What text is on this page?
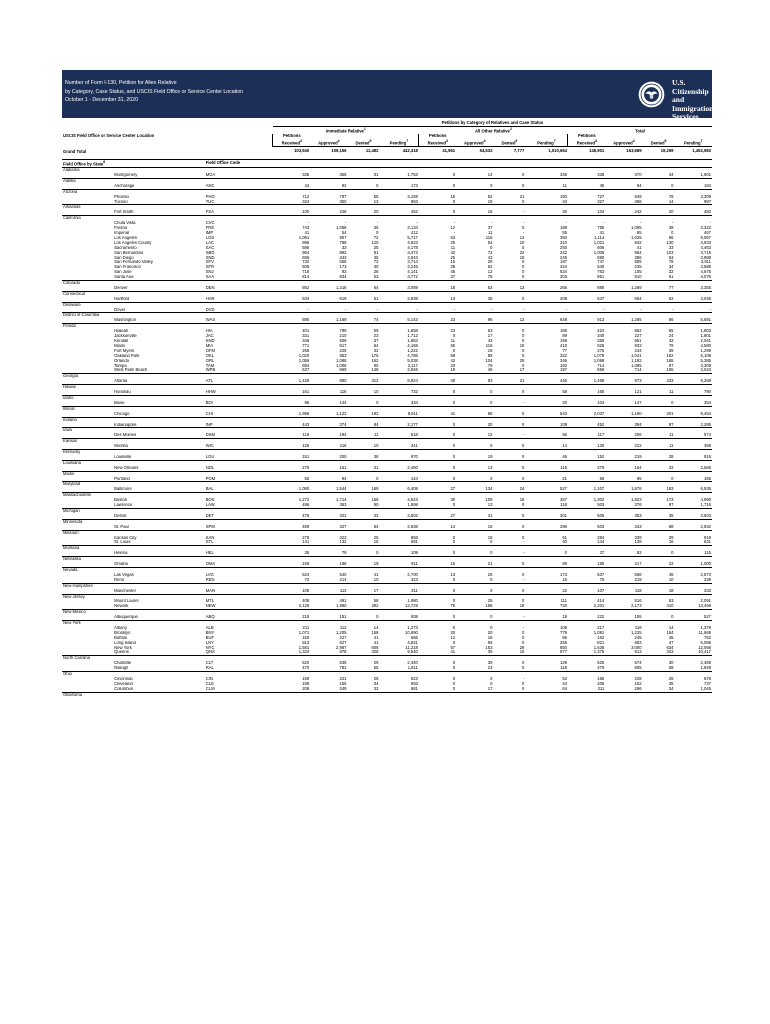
Number of Form I-130, Petition for Alien Relative
by Category, Case Status, and USCIS Field Office or Service Center Location
October 1 - December 31, 2020
U.S. Citizenship
and Immigration
Services
			Petitions by Category of Relatives and Case Status											
USCIS Field Office or Service Center Location			Immediate Relative$^1$				All Other Relative$^2$				Total			
			Petitions				Petitions				Petitions			
			Received$^3$	Approved$^4$	Denied$^5$	Pending$^7$	Received$^3$	Approved$^4$	Denied$^5$	Pending$^7$	Received$^3$	Approved$^4$	Denied$^5$	Pending$^7$
Grand Total			103,940	109,156	11,482	442,318	41,961	54,533	7,777	1,010,664	145,901	163,689	19,259	1,452,983

Field Office by State$^6$		Field Office Code												
Alabama														
	Montgomery	MGA	335	356	31	1,753	0	14	0	348	338	370	34	1,901
Alaska														
	Anchorage	ANC	44	92	0	173	0	0	0	11	45	94	0	184
Arizona														
	Phoenix	PHO	712	797	55	3,159	15	52	21	150	727	849	76	3,309
	Tucson	TUC	324	350	13	963	0	18	0	34	327	368	14	997
Arkansas														
	Fort Smith	FSA	100	226	20	452	0	16	-	30	104	242	20	482
California														
	Chula Vista	CVC	-	-	-	-	-	-	-	-	-	-	-	-
	Fresno	FRE	743	1,058	35	3,134	12	37	0	188	755	1,095	39	3,322
	Imperial	IMP	41	54	0	412	-	11	-	55	41	65	0	467
	Los Angeles	LOS	1,061	907	72	5,717	53	118	14	350	1,114	1,025	86	6,067
	Los Angeles County	LAC	996	788	120	4,623	25	54	10	310	1,021	842	130	4,933
	Sacramento	SAC	595	33	25	4,178	11	0	0	293	606	41	33	4,463
	San Bernardino	SBD	964	892	81	3,473	42	72	22	242	1,006	964	103	3,715
	San Diego	SND	655	343	35	3,643	25	43	18	245	680	386	53	3,888
	San Fernando Valley	SFV	732	556	73	3,714	15	29	0	197	747	585	78	3,911
	San Francisco	SFR	505	173	30	3,245	35	62	0	344	540	235	34	3,589
	San Jose	SNJ	718	93	26	4,141	45	12	0	534	763	105	32	4,675
	Santa Ana	SAA	814	834	53	3,772	37	76	0	303	851	910	61	4,075
Colorado														
	Denver	DEN	862	1,216	64	3,089	18	53	13	266	880	1,269	77	3,355
Connecticut														
	Hartford	HAR	534	619	51	2,838	13	35	0	208	547	654	52	3,046
Delaware														
	Dover	DVD	-	-	-	-	-	-	-	-	-	-	-	-
District of Columbia														
	Washington	WAS	890	1,169	74	5,143	23	96	12	548	913	1,265	86	5,691
Florida														
	Hialeah	HIA	401	799	59	1,658	23	63	0	165	424	862	65	1,803
	Jacksonville	JAC	331	210	23	1,712	0	17	0	89	340	227	24	1,801
	Kendall	KND	348	608	37	1,883	11	43	0	158	359	651	43	2,041
	Miami	MIA	771	817	64	4,168	55	116	15	410	826	933	79	4,580
	Fort Myers	OFM	266	225	32	1,222	0	19	0	77	275	244	39	1,299
	Oakland Park	OKL	1,020	953	175	4,786	59	88	0	322	1,079	1,041	182	5,108
	Orlando	ORL	1,056	1,088	162	5,038	42	104	25	346	1,098	1,192	185	5,385
	Tampa	TAM	694	1,006	90	3,117	20	79	0	192	714	1,085	97	3,309
	West Palm Beach	WPB	637	669	148	2,846	19	45	17	197	656	714	165	3,043
Georgia														
	Atlanta	ATL	1,428	890	312	8,824	40	83	21	445	1,468	973	333	9,269
Hawaii														
	Honolulu	HHW	161	116	10	732	0	0	0	58	165	121	11	790
Idaho														
	Boise	BOI	96	144	0	334	0	0	-	20	104	147	0	354
Illinois														
	Chicago	CHI	1,996	1,122	192	8,911	41	68	0	543	2,037	1,190	201	9,454
Indiana														
	Indianapolis	INP	443	374	84	2,177	0	20	0	108	452	394	87	2,285
Iowa														
	Des Moines	DSM	116	194	11	518	0	12	-	56	117	206	11	574
Kansas														
	Wichita	WIC	128	216	10	341	0	0	0	14	130	222	11	355
Kentucky														
	Louisville	LOU	151	200	38	870	0	19	0	46	152	219	39	916
Louisiana														
	New Orleans	NOL	276	151	31	2,450	0	13	0	116	279	164	32	2,566
Maine														
	Portland	POM	55	94	0	144	0	0	0	21	56	95	0	165
Maryland														
	Baltimore	BAL	1,080	1,544	169	6,408	27	134	24	527	1,107	1,678	193	6,935
Massachusetts														
	Boston	BOS	1,272	1,714	158	4,623	30	109	15	367	1,302	1,823	173	4,990
	Lawrence	LAW	496	363	90	1,598	0	13	0	118	503	376	97	1,716
Michigan														
	Detroit	DET	478	322	33	3,502	27	31	0	301	505	353	35	3,603
Minnesota														
	St. Paul	SPM	489	327	64	2,636	14	16	0	296	503	343	68	2,932
Missouri														
	Kansas City	KAN	276	323	26	858	0	16	0	61	284	339	29	919
	St. Louis	STL	141	132	16	591	0	0	-	40	144	138	16	631
Montana														
	Helena	HEL	35	79	0	109	0	0	-	0	37	82	0	115
Nebraska														
	Omaha	OMA	169	196	19	911	16	21	0	89	185	217	22	1,000
Nevada														
	Las Vegas	LVG	524	540	41	2,700	13	26	0	173	537	566	46	2,873
	Reno	REN	72	214	10	323	0	0	-	16	75	219	10	339
New Hampshire														
	Manchester	MAN	105	113	17	311	0	0	0	22	107	118	18	333
New Jersey														
	Mount Laurel	MTL	408	491	56	1,980	0	25	0	111	414	516	63	2,091
	Newark	NEW	2,126	1,990	392	12,729	75	188	18	740	2,201	2,173	410	13,469
New Mexico														
	Albuquerque	ABQ	218	151	0	508	0	0	-	19	222	155	0	527
New York														
	Albany	ALB	211	112	14	1,273	0	0	-	106	217	116	14	1,379
	Brooklyn	BNY	1,071	1,205	158	10,890	20	20	0	779	1,091	1,225	164	11,669
	Buffalo	BUF	150	227	41	666	12	18	0	86	162	245	45	752
	Long Island	LNY	813	627	41	4,831	0	56	0	255	821	683	47	5,086
	New York	NYC	1,581	2,987	606	11,218	57	153	28	850	1,638	3,000	634	12,068
	Queens	QNS	1,334	878	328	9,540	41	35	15	877	1,375	913	343	10,417
North Carolina														
	Charlotte	CLT	520	635	29	2,340	0	39	0	129	525	674	30	2,469
	Raleigh	RAL	470	782	55	1,811	0	23	0	118	479	805	59	1,929
Ohio														
	Cincinnati	CIN	159	221	26	623	0	0	-	53	166	228	26	676
	Cleveland	CLE	198	155	34	693	0	0	0	44	206	162	35	737
	Columbus	CLM	208	249	32	981	0	17	0	64	211	266	34	1,045
Oklahoma														
